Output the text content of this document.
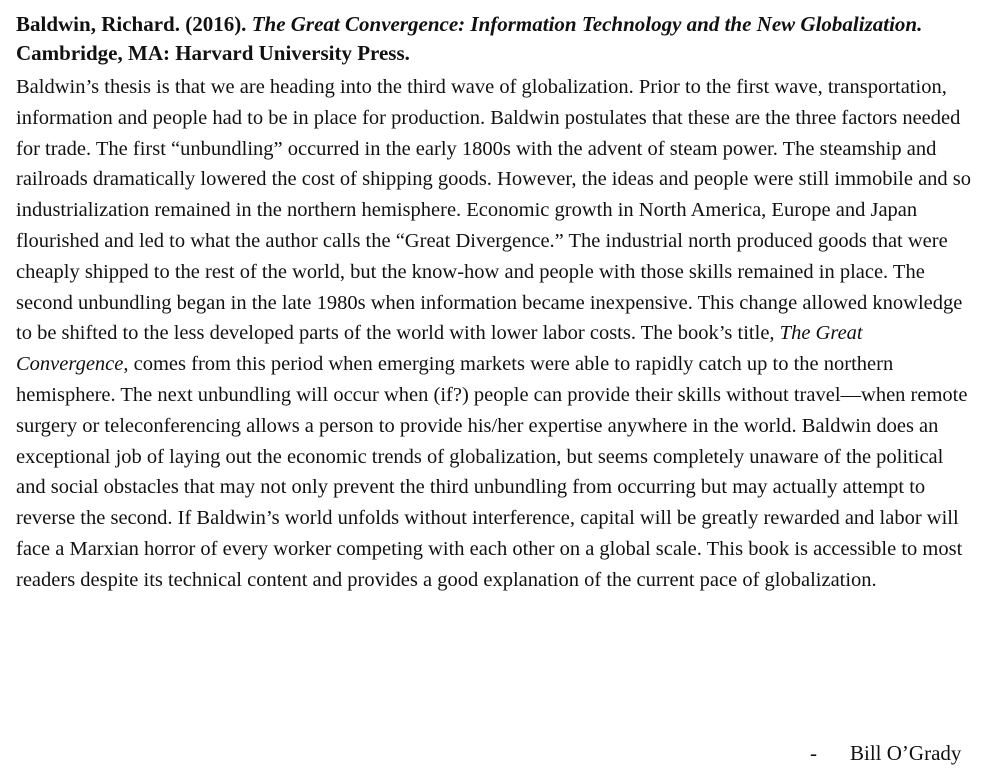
Baldwin, Richard. (2016). The Great Convergence: Information Technology and the New Globalization. Cambridge, MA: Harvard University Press.

Baldwin’s thesis is that we are heading into the third wave of globalization. Prior to the first wave, transportation, information and people had to be in place for production. Baldwin postulates that these are the three factors needed for trade. The first “unbundling” occurred in the early 1800s with the advent of steam power. The steamship and railroads dramatically lowered the cost of shipping goods. However, the ideas and people were still immobile and so industrialization remained in the northern hemisphere. Economic growth in North America, Europe and Japan flourished and led to what the author calls the “Great Divergence.” The industrial north produced goods that were cheaply shipped to the rest of the world, but the know-how and people with those skills remained in place. The second unbundling began in the late 1980s when information became inexpensive. This change allowed knowledge to be shifted to the less developed parts of the world with lower labor costs. The book’s title, The Great Convergence, comes from this period when emerging markets were able to rapidly catch up to the northern hemisphere. The next unbundling will occur when (if?) people can provide their skills without travel—when remote surgery or teleconferencing allows a person to provide his/her expertise anywhere in the world. Baldwin does an exceptional job of laying out the economic trends of globalization, but seems completely unaware of the political and social obstacles that may not only prevent the third unbundling from occurring but may actually attempt to reverse the second. If Baldwin’s world unfolds without interference, capital will be greatly rewarded and labor will face a Marxian horror of every worker competing with each other on a global scale. This book is accessible to most readers despite its technical content and provides a good explanation of the current pace of globalization.

- Bill O’Grady
